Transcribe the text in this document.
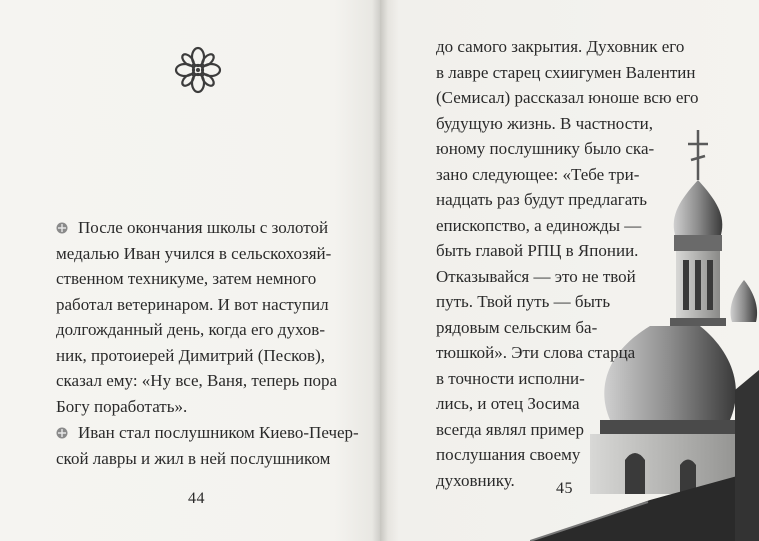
После окончания школы с золотой
медалью Иван учился в сельскохозяй-
ственном техникуме, затем немного
работал ветеринаром. И вот наступил
долгожданный день, когда его духов-
ник, протоиерей Димитрий (Песков),
сказал ему: «Ну все, Ваня, теперь пора
Богу поработать».
Иван стал послушником Киево-Печер-
ской лавры и жил в ней послушником
44
до самого закрытия. Духовник его
в лавре старец схиигумен Валентин
(Семисал) рассказал юноше всю его
будущую жизнь. В частности,
юному послушнику было ска-
зано следующее: «Тебе три-
надцать раз будут предлагать
епископство, а единожды —
быть главой РПЦ в Японии.
Отказывайся — это не твой
путь. Твой путь — быть
рядовым сельским ба-
тюшкой». Эти слова старца
в точности исполни-
лись, и отец Зосима
всегда являл пример
послушания своему
духовнику.	45
